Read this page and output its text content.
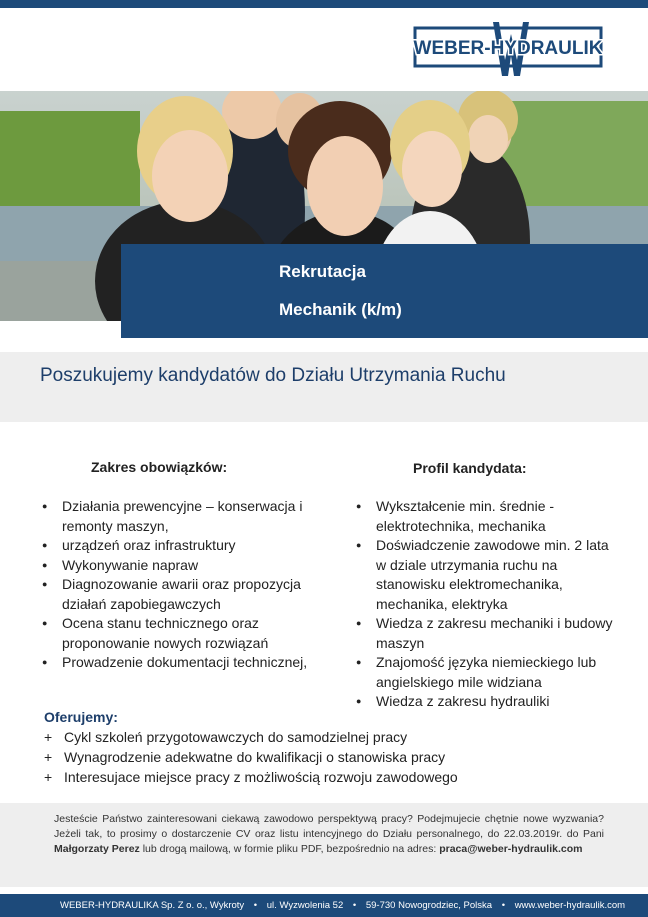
WEBER-HYDRAULIK
Rekrutacja
Mechanik (k/m)
Poszukujemy kandydatów do Działu Utrzymania Ruchu
Zakres obowiązków:	Profil kandydata:
● Działania prewencyjne – konserwacja i remonty maszyn,
● urządzeń oraz infrastruktury
● Wykonywanie napraw
● Diagnozowanie awarii oraz propozycja działań zapobiegawczych
● Ocena stanu technicznego oraz proponowanie nowych rozwiązań
● Prowadzenie dokumentacji technicznej,
● Wykształcenie min. średnie - elektrotechnika, mechanika
● Doświadczenie zawodowe min. 2 lata w dziale utrzymania ruchu na stanowisku elektromechanika, mechanika, elektryka
● Wiedza z zakresu mechaniki i budowy maszyn
● Znajomość języka niemieckiego lub angielskiego mile widziana
● Wiedza z zakresu hydrauliki
Oferujemy:
+ Cykl szkoleń przygotowawczych do samodzielnej pracy
+ Wynagrodzenie adekwatne do kwalifikacji o stanowiska pracy
+ Interesujace miejsce pracy z możliwością rozwoju zawodowego

Jesteście Państwo zainteresowani ciekawą zawodowo perspektywą pracy? Podejmujecie chętnie nowe wyzwania? Jeżeli tak, to prosimy o dostarczenie CV oraz listu intencyjnego do Działu personalnego, do 22.03.2019r. do Pani Małgorzaty Perez lub drogą mailową, w formie pliku PDF, bezpośrednio na adres: praca@weber-hydraulik.com

WEBER-HYDRAULIKA Sp. Z o. o., Wykroty • ul. Wyzwolenia 52 • 59-730 Nowogrodziec, Polska • www.weber-hydraulik.com
